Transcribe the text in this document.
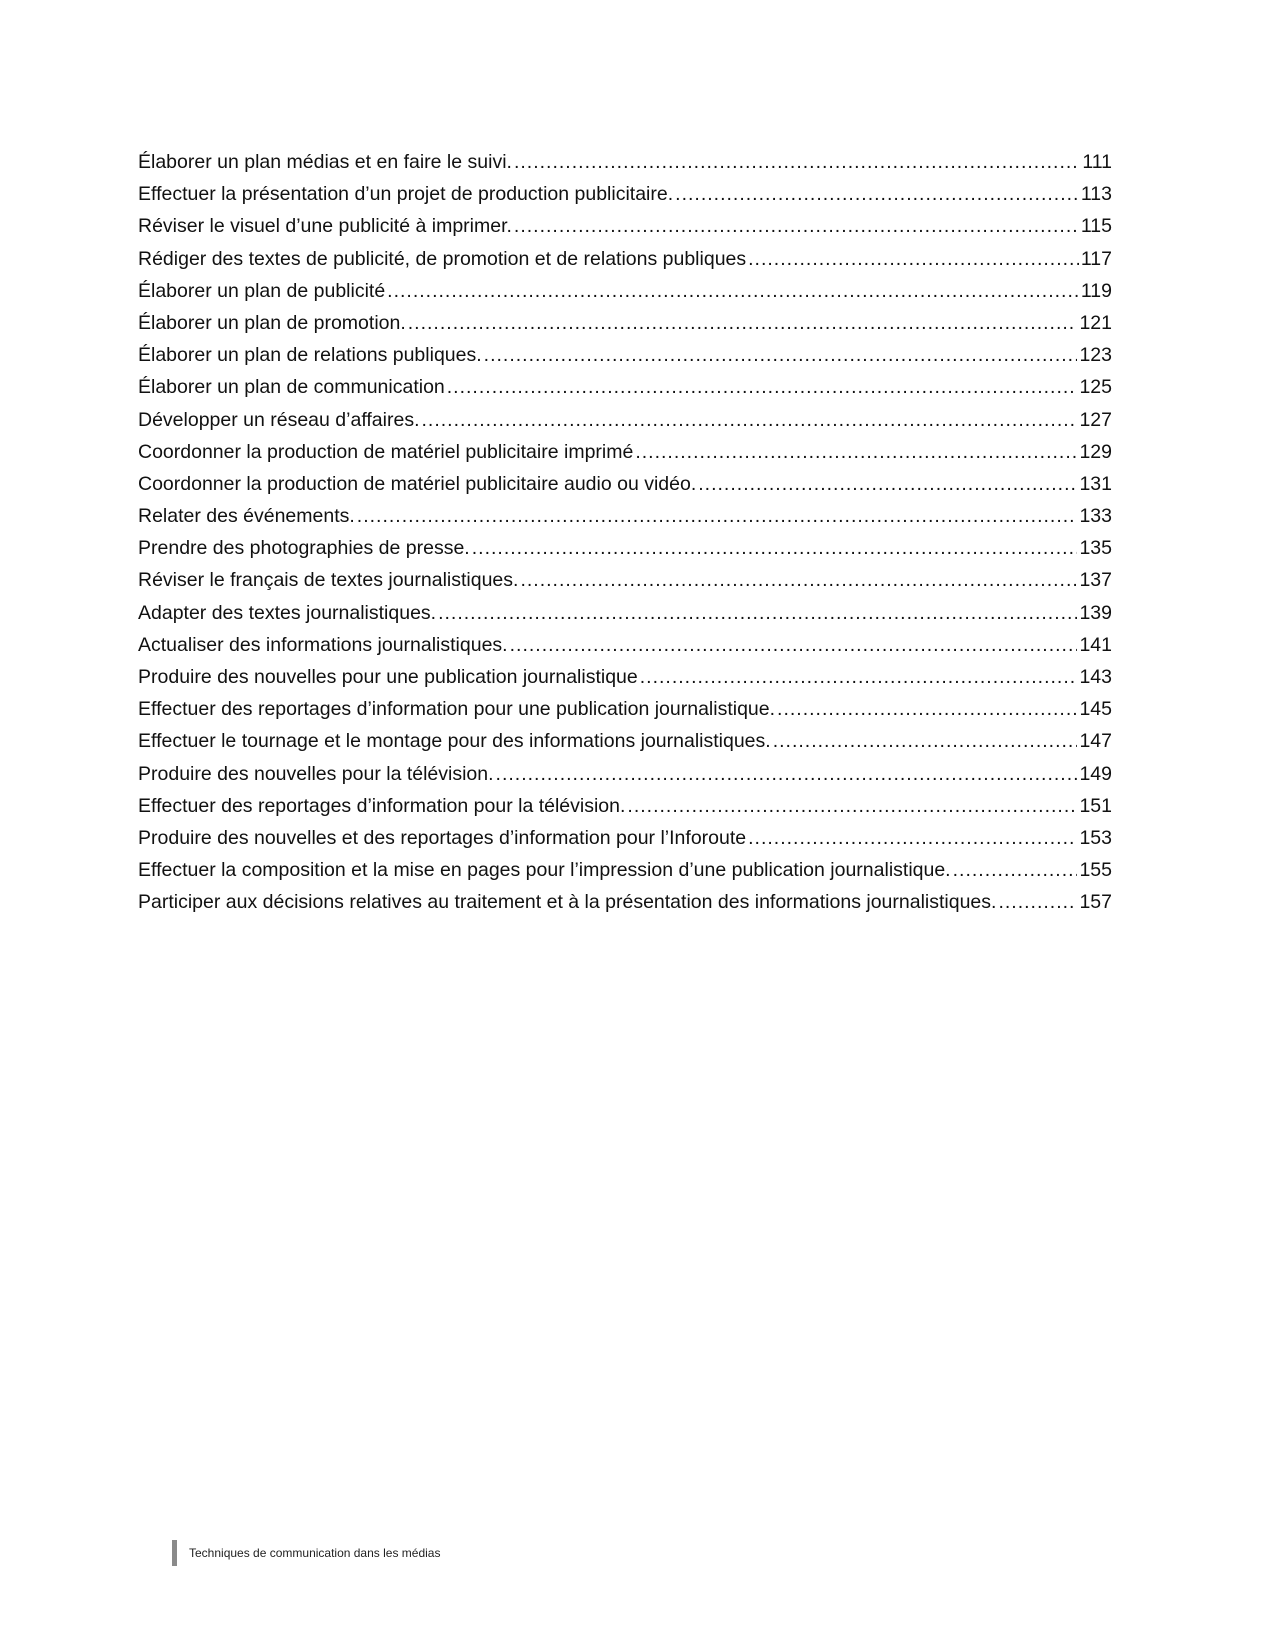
Élaborer un plan médias et en faire le suivi. .....	111
Effectuer la présentation d’un projet de production publicitaire. .....	113
Réviser le visuel d’une publicité à imprimer. .....	115
Rédiger des textes de publicité, de promotion et de relations publiques .....	117
Élaborer un plan de publicité .....	119
Élaborer un plan de promotion. .....	121
Élaborer un plan de relations publiques. .....	123
Élaborer un plan de communication .....	125
Développer un réseau d’affaires. .....	127
Coordonner la production de matériel publicitaire imprimé .....	129
Coordonner la production de matériel publicitaire audio ou vidéo. .....	131
Relater des événements. .....	133
Prendre des photographies de presse. .....	135
Réviser le français de textes journalistiques. .....	137
Adapter des textes journalistiques. .....	139
Actualiser des informations journalistiques. .....	141
Produire des nouvelles pour une publication journalistique .....	143
Effectuer des reportages d’information pour une publication journalistique. .....	145
Effectuer le tournage et le montage pour des informations journalistiques. .....	147
Produire des nouvelles pour la télévision. .....	149
Effectuer des reportages d’information pour la télévision. .....	151
Produire des nouvelles et des reportages d’information pour l’Inforoute .....	153
Effectuer la composition et la mise en pages pour l’impression d’une publication journalistique. .....	155
Participer aux décisions relatives au traitement et à la présentation des informations journalistiques. .....	157
Techniques de communication dans les médias
